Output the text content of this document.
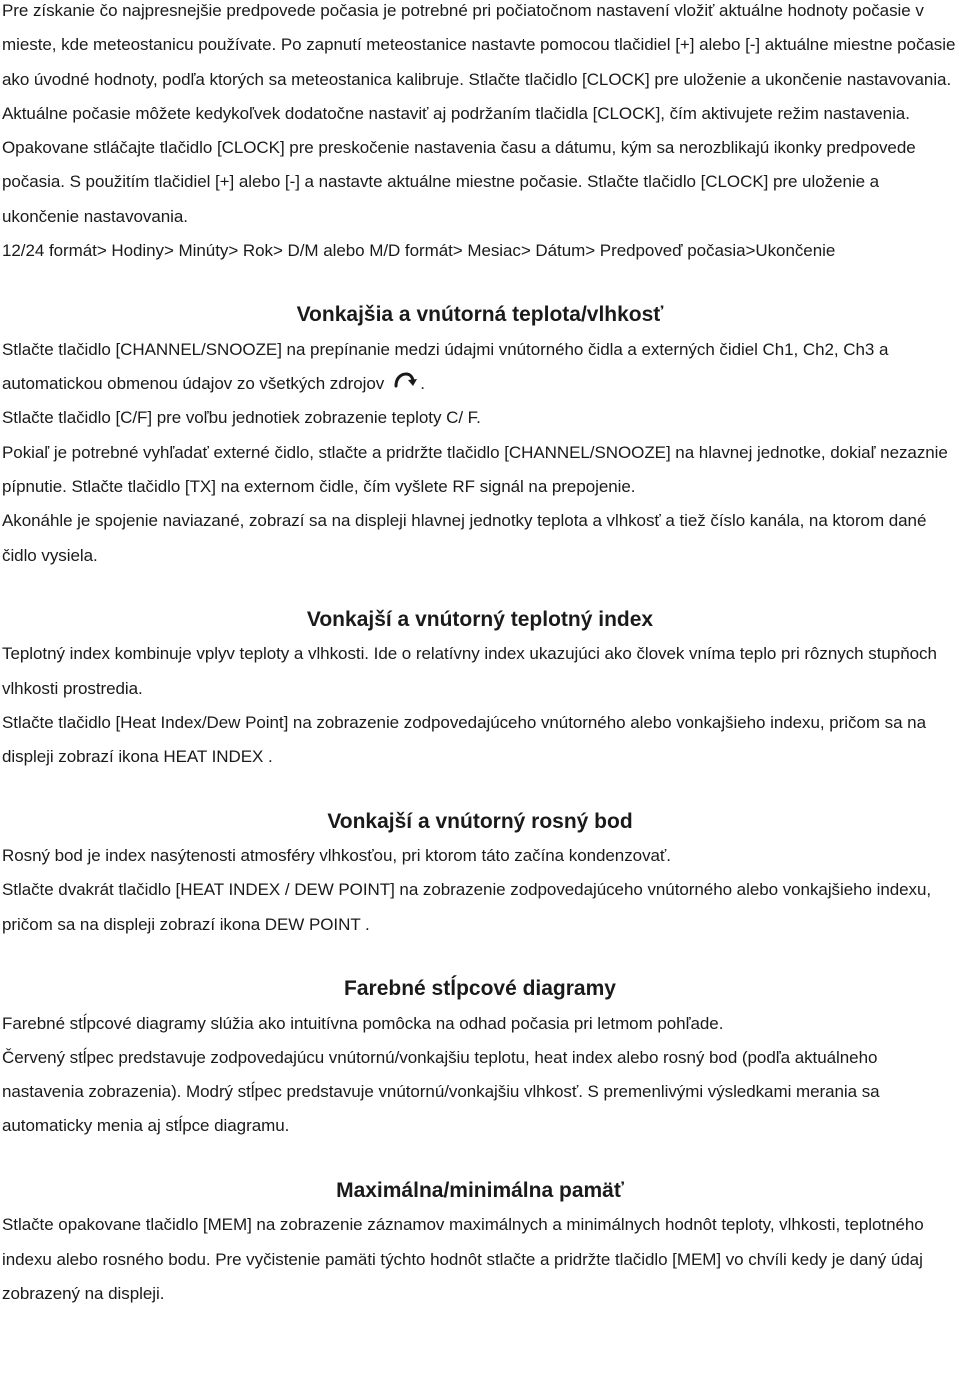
Pre získanie čo najpresnejšie predpovede počasia je potrebné pri počiatočnom nastavení vložiť aktuálne hodnoty počasie v mieste, kde meteostanicu používate. Po zapnutí meteostanice nastavte pomocou tlačidiel [+] alebo [-] aktuálne miestne počasie ako úvodné hodnoty, podľa ktorých sa meteostanica kalibruje. Stlačte tlačidlo [CLOCK] pre uloženie a ukončenie nastavovania.

Aktuálne počasie môžete kedykoľvek dodatočne nastaviť aj podržaním tlačidla [CLOCK], čím aktivujete režim nastavenia. Opakovane stláčajte tlačidlo [CLOCK] pre preskočenie nastavenia času a dátumu, kým sa nerozblikajú ikonky predpovede počasia. S použitím tlačidiel [+] alebo [-] a nastavte aktuálne miestne počasie. Stlačte tlačidlo [CLOCK] pre uloženie a ukončenie nastavovania.

12/24 formát> Hodiny> Minúty> Rok> D/M alebo M/D formát> Mesiac> Dátum> Predpoveď počasia>Ukončenie

Vonkajšia a vnútorná teplota/vlhkosť

Stlačte tlačidlo [CHANNEL/SNOOZE] na prepínanie medzi údajmi vnútorného čidla a externých čidiel Ch1, Ch2, Ch3 a automatickou obmenou údajov zo všetkých zdrojov .

Stlačte tlačidlo [C/F] pre voľbu jednotiek zobrazenie teploty C/ F.

Pokiaľ je potrebné vyhľadať externé čidlo, stlačte a pridržte tlačidlo [CHANNEL/SNOOZE] na hlavnej jednotke, dokiaľ nezaznie pípnutie. Stlačte tlačidlo [TX] na externom čidle, čím vyšlete RF signál na prepojenie.

Akonáhle je spojenie naviazané, zobrazí sa na displeji hlavnej jednotky teplota a vlhkosť a tiež číslo kanála, na ktorom dané čidlo vysiela.

Vonkajší a vnútorný teplotný index

Teplotný index kombinuje vplyv teploty a vlhkosti. Ide o relatívny index ukazujúci ako človek vníma teplo pri rôznych stupňoch vlhkosti prostredia.

Stlačte tlačidlo [Heat Index/Dew Point] na zobrazenie zodpovedajúceho vnútorného alebo vonkajšieho indexu, pričom sa na displeji zobrazí ikona HEAT INDEX .

Vonkajší a vnútorný rosný bod

Rosný bod je index nasýtenosti atmosféry vlhkosťou, pri ktorom táto začína kondenzovať.

Stlačte dvakrát tlačidlo [HEAT INDEX / DEW POINT] na zobrazenie zodpovedajúceho vnútorného alebo vonkajšieho indexu, pričom sa na displeji zobrazí ikona DEW POINT .

Farebné stĺpcové diagramy

Farebné stĺpcové diagramy slúžia ako intuitívna pomôcka na odhad počasia pri letmom pohľade.

Červený stĺpec predstavuje zodpovedajúcu vnútornú/vonkajšiu teplotu, heat index alebo rosný bod (podľa aktuálneho nastavenia zobrazenia). Modrý stĺpec predstavuje vnútornú/vonkajšiu vlhkosť. S premenlivými výsledkami merania sa automaticky menia aj stĺpce diagramu.

Maximálna/minimálna pamäť

Stlačte opakovane tlačidlo [MEM] na zobrazenie záznamov maximálnych a minimálnych hodnôt teploty, vlhkosti, teplotného indexu alebo rosného bodu. Pre vyčistenie pamäti týchto hodnôt stlačte a pridržte tlačidlo [MEM] vo chvíli kedy je daný údaj zobrazený na displeji.
